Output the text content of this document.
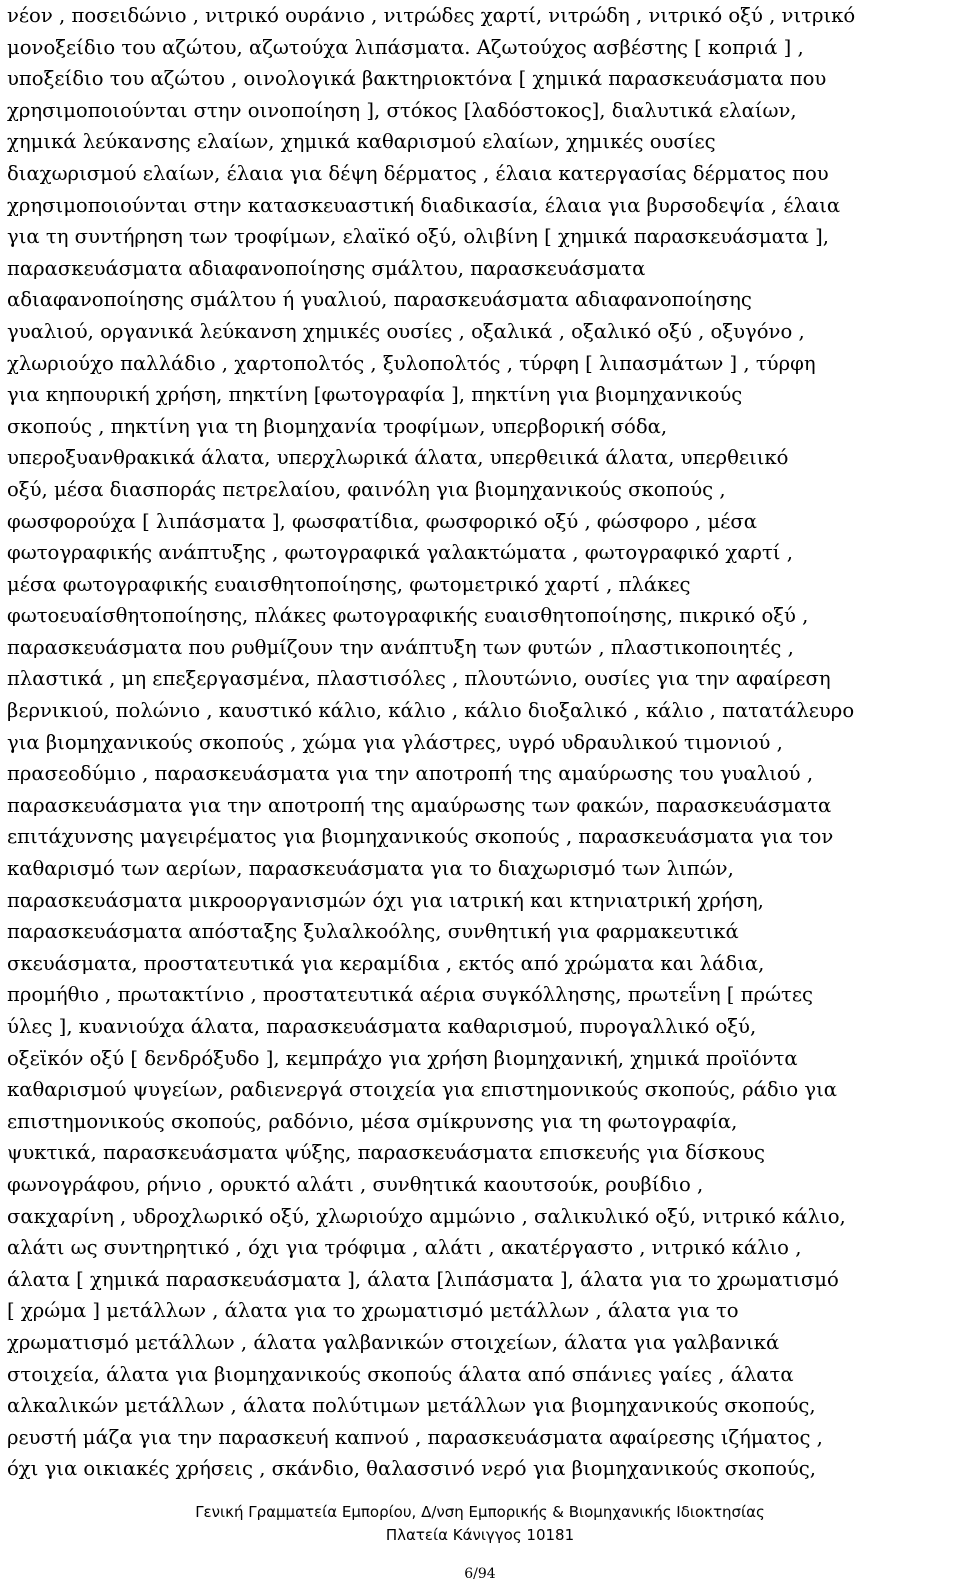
νέον , ποσειδώνιο , νιτρικό ουράνιο , νιτρώδες χαρτί, νιτρώδη , νιτρικό οξύ , νιτρικό
μονοξείδιο του αζώτου, αζωτούχα λιπάσματα. Αζωτούχος ασβέστης [ κοπριά ] ,
υποξείδιο του αζώτου , οινολογικά βακτηριοκτόνα [ χημικά παρασκευάσματα που
χρησιμοποιούνται στην οινοποίηση ], στόκος [λαδόστοκος], διαλυτικά ελαίων,
χημικά λεύκανσης ελαίων, χημικά καθαρισμού ελαίων, χημικές ουσίες
διαχωρισμού ελαίων, έλαια για δέψη δέρματος , έλαια κατεργασίας δέρματος που
χρησιμοποιούνται στην κατασκευαστική διαδικασία, έλαια για βυρσοδεψία , έλαια
για τη συντήρηση των τροφίμων, ελαϊκό οξύ, ολιβίνη [ χημικά παρασκευάσματα ],
παρασκευάσματα αδιαφανοποίησης σμάλτου, παρασκευάσματα
αδιαφανοποίησης σμάλτου ή γυαλιού, παρασκευάσματα αδιαφανοποίησης
γυαλιού, οργανικά λεύκανση χημικές ουσίες , οξαλικά , οξαλικό οξύ , οξυγόνο ,
χλωριούχο παλλάδιο , χαρτοπολτός , ξυλοπολτός , τύρφη [ λιπασμάτων ] , τύρφη
για κηπουρική χρήση, πηκτίνη [φωτογραφία ], πηκτίνη για βιομηχανικούς
σκοπούς , πηκτίνη για τη βιομηχανία τροφίμων, υπερβορική σόδα,
υπεροξυανθρακικά άλατα, υπερχλωρικά άλατα, υπερθειικά άλατα, υπερθειικό
οξύ, μέσα διασποράς πετρελαίου, φαινόλη για βιομηχανικούς σκοπούς ,
φωσφορούχα [ λιπάσματα ], φωσφατίδια, φωσφορικό οξύ , φώσφορο , μέσα
φωτογραφικής ανάπτυξης , φωτογραφικά γαλακτώματα , φωτογραφικό χαρτί ,
μέσα φωτογραφικής ευαισθητοποίησης, φωτομετρικό χαρτί , πλάκες
φωτοευαίσθητοποίησης, πλάκες φωτογραφικής ευαισθητοποίησης, πικρικό οξύ ,
παρασκευάσματα που ρυθμίζουν την ανάπτυξη των φυτών , πλαστικοποιητές ,
πλαστικά , μη επεξεργασμένα, πλαστισόλες , πλουτώνιο, ουσίες για την αφαίρεση
βερνικιού, πολώνιο , καυστικό κάλιο, κάλιο , κάλιο διοξαλικό , κάλιο , πατατάλευρο
για βιομηχανικούς σκοπούς , χώμα για γλάστρες, υγρό υδραυλικού τιμονιού ,
πρασεοδύμιο , παρασκευάσματα για την αποτροπή της αμαύρωσης του γυαλιού ,
παρασκευάσματα για την αποτροπή της αμαύρωσης των φακών, παρασκευάσματα
επιτάχυνσης μαγειρέματος για βιομηχανικούς σκοπούς , παρασκευάσματα για τον
καθαρισμό των αερίων, παρασκευάσματα για το διαχωρισμό των λιπών,
παρασκευάσματα μικροοργανισμών όχι για ιατρική και κτηνιατρική χρήση,
παρασκευάσματα απόσταξης ξυλαλκοόλης, συνθητική για φαρμακευτικά
σκευάσματα, προστατευτικά για κεραμίδια , εκτός από χρώματα και λάδια,
προμήθιο , πρωτακτίνιο , προστατευτικά αέρια συγκόλλησης, πρωτεΐνη [ πρώτες
ύλες ], κυανιούχα άλατα, παρασκευάσματα καθαρισμού, πυρογαλλικό οξύ,
οξεϊκόν οξύ [ δενδρόξυδο ], κεμπράχο για χρήση βιομηχανική, χημικά προϊόντα
καθαρισμού ψυγείων, ραδιενεργά στοιχεία για επιστημονικούς σκοπούς, ράδιο για
επιστημονικούς σκοπούς, ραδόνιο, μέσα σμίκρυνσης για τη φωτογραφία,
ψυκτικά, παρασκευάσματα ψύξης, παρασκευάσματα επισκευής για δίσκους
φωνογράφου, ρήνιο , ορυκτό αλάτι , συνθητικά καουτσούκ, ρουβίδιο ,
σακχαρίνη , υδροχλωρικό οξύ, χλωριούχο αμμώνιο , σαλικυλικό οξύ, νιτρικό κάλιο,
αλάτι ως συντηρητικό , όχι για τρόφιμα , αλάτι , ακατέργαστο , νιτρικό κάλιο ,
άλατα [ χημικά παρασκευάσματα ], άλατα [λιπάσματα ], άλατα για το χρωματισμό
[ χρώμα ] μετάλλων , άλατα για το χρωματισμό μετάλλων , άλατα για το
χρωματισμό μετάλλων , άλατα γαλβανικών στοιχείων, άλατα για γαλβανικά
στοιχεία, άλατα για βιομηχανικούς σκοπούς άλατα από σπάνιες γαίες , άλατα
αλκαλικών μετάλλων , άλατα πολύτιμων μετάλλων για βιομηχανικούς σκοπούς,
ρευστή μάζα για την παρασκευή καπνού , παρασκευάσματα αφαίρεσης ιζήματος ,
όχι για οικιακές χρήσεις , σκάνδιο, θαλασσινό νερό για βιομηχανικούς σκοπούς,
Γενική Γραμματεία Εμπορίου, Δ/νση Εμπορικής & Βιομηχανικής Ιδιοκτησίας
Πλατεία Κάνιγγος 10181
6/94
